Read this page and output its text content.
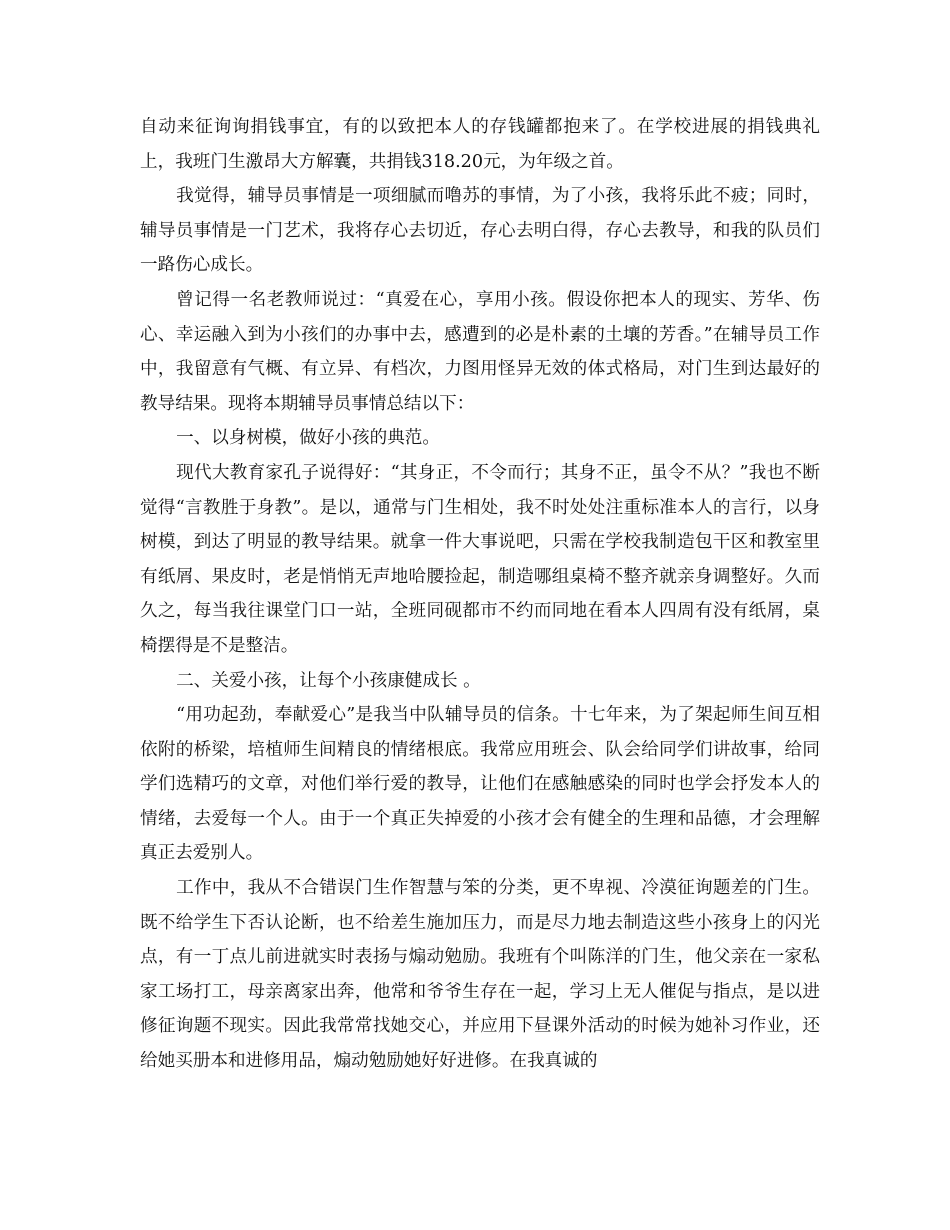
自动来征询询捐钱事宜，有的以致把本人的存钱罐都抱来了。在学校进展的捐钱典礼上，我班门生激昂大方解囊，共捐钱318.20元，为年级之首。

我觉得，辅导员事情是一项细腻而噜苏的事情，为了小孩，我将乐此不疲；同时，辅导员事情是一门艺术，我将存心去切近，存心去明白得，存心去教导，和我的队员们一路伤心成长。

曾记得一名老教师说过：“真爱在心，享用小孩。假设你把本人的现实、芳华、伤心、幸运融入到为小孩们的办事中去，感遭到的必是朴素的土壤的芳香。”在辅导员工作中，我留意有气概、有立异、有档次，力图用怪异无效的体式格局，对门生到达最好的教导结果。现将本期辅导员事情总结以下：

一、以身树模，做好小孩的典范。

现代大教育家孔子说得好：“其身正，不令而行；其身不正，虽令不从？”我也不断觉得“言教胜于身教”。是以，通常与门生相处，我不时处处注重标准本人的言行，以身树模，到达了明显的教导结果。就拿一件大事说吧，只需在学校我制造包干区和教室里有纸屑、果皮时，老是悄悄无声地哈腰捡起，制造哪组桌椅不整齐就亲身调整好。久而久之，每当我往课堂门口一站，全班同砚都市不约而同地在看本人四周有没有纸屑，桌椅摆得是不是整洁。

二、关爱小孩，让每个小孩康健成长 。

“用功起劲，奉献爱心”是我当中队辅导员的信条。十七年来，为了架起师生间互相依附的桥梁，培植师生间精良的情绪根底。我常应用班会、队会给同学们讲故事，给同学们选精巧的文章，对他们举行爱的教导，让他们在感触感染的同时也学会抒发本人的情绪，去爱每一个人。由于一个真正失掉爱的小孩才会有健全的生理和品德，才会理解真正去爱别人。

工作中，我从不合错误门生作智慧与笨的分类，更不卑视、冷漠征询题差的门生。既不给学生下否认论断，也不给差生施加压力，而是尽力地去制造这些小孩身上的闪光点，有一丁点儿前进就实时表扬与煽动勉励。我班有个叫陈洋的门生，他父亲在一家私家工场打工，母亲离家出奔，他常和爷爷生存在一起，学习上无人催促与指点，是以进修征询题不现实。因此我常常找她交心，并应用下昼课外活动的时候为她补习作业，还给她买册本和进修用品，煽动勉励她好好进修。在我真诚的
